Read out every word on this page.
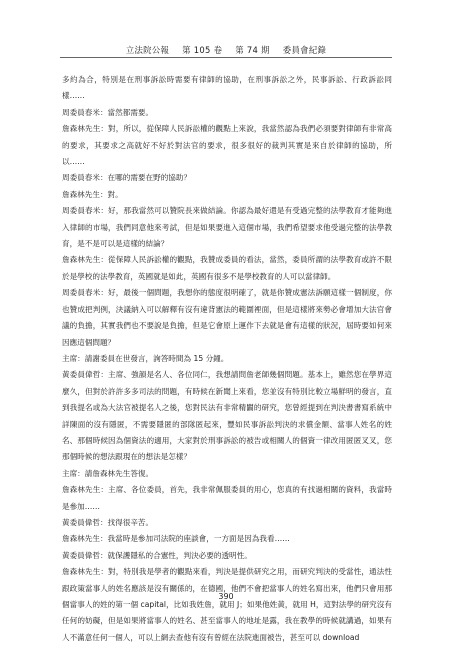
立法院公報 第 105 卷 第 74 期 委員會紀錄

多約為合，特別是在刑事訴訟時需要有律師的協助，在刑事訴訟之外，民事訴訟、行政訴訟同樣……

周委員春米：當然都需要。

詹森林先生：對，所以，從保障人民訴訟權的觀點上來說，我當然認為我們必須要對律師有非常高的要求，其要求之高就好不好於對法官的要求，很多很好的裁判其實是來自於律師的協助，所以……

周委員春米：在哪的需要在野的協助？

詹森林先生：對。

周委員春米：好，那我當然可以贊院長來做結論。你認為最好還是有受過完整的法學教育才能夠進入律師的市場，我們同意他來考試，但是如果要進入這個市場，我們希望要求他受過完整的法學教育，是不是可以是這樣的結論？

詹森林先生：從保障人民訴訟權的觀點，我贊成委員的看法，當然，委員所謂的法學教育或許不限於是學校的法學教育，英國就是如此，英國有很多不是學校教育的人可以當律師。

周委員春米：好，最後一個問題，我想你的態度很明確了，就是你贊成憲法訴願這樣一個制度，你也贊成把判例，決議納入可以解釋有沒有違背憲法的範圍裡面，但是這樣將來勢必會增加大法官會議的負擔，其實我們也不要說是負擔，但是它會原上運作下去就是會有這樣的狀況，屆時要如何來因應這個問題？

主席：請謝委員在世發言，詢答時間為 15 分鐘。

黃委員偉哲：主席、強韻是名人、各位同仁，我想請問詹老師幾個問題。基本上，雖然您在學界這麼久，但對於許許多多司法的問題，有時候在新聞上來看，您並沒有特別比較立場鮮明的發言，直到我提名或為大法官被提名人之後，您對民法有非常精闢的研究，您曾經提到在判決書書寫系統中詳陳面的沒有隱匿，不需要隱匿的部隊匿起來，豐如民事訴訟判決的求償金額、當事人姓名的姓名、那個時候因為個資法的適用，大家對於刑事訴訟的被告或相關人的個資一律改用匿匿叉叉，您那個時候的想法跟現在的想法是怎樣？

主席：請詹森林先生答復。

詹森林先生：主席、各位委員，首先，我非常佩服委員的用心，您真的有找過相關的資料，我當時是參加……

黃委員偉哲：找得很辛苦。

詹森林先生：我當時是參加司法院的座談會，一方面是因為我看……

黃委員偉哲：就保護隱私的合憲性，判決必要的透明性。

詹森林先生：對，特別我是學者的觀點來看，判決是提供研究之用，而研究判決的受當性，通法性跟政策當事人的姓名應該是沒有關係的，在德國，他們不會把當事人的姓名寫出來，他們只會用那個當事人的姓的第一個 capital，比如我姓詹，就用 J；如果他姓黃，就用 H，這對法學的研究沒有任何的妨礙，但是如果將當事人的姓名、甚至當事人的地址是露，我在教學的時候就講過，如果有人不滿意任何一個人，可以上網去查他有沒有曾經在法院進面被告，甚至可以 download

390
